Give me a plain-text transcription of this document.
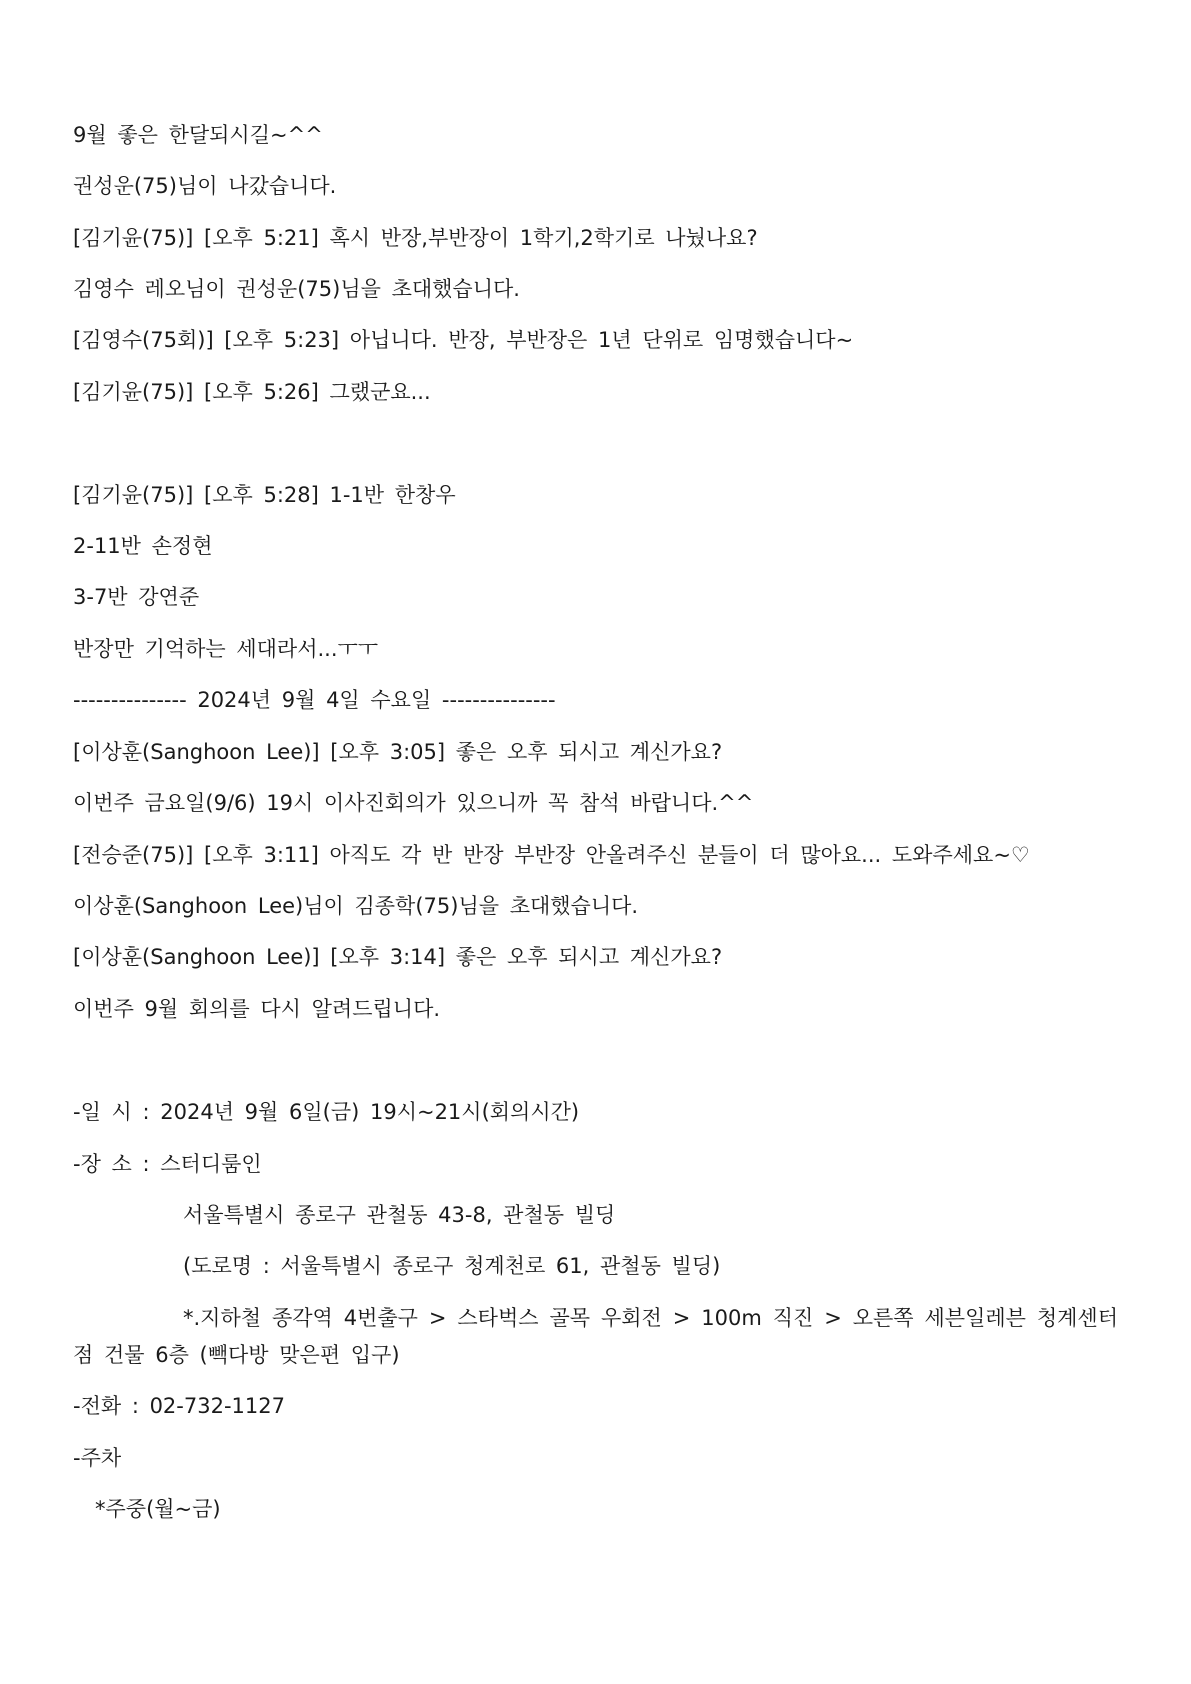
9월 좋은 한달되시길~^^
권성운(75)님이 나갔습니다.
[김기윤(75)] [오후 5:21] 혹시 반장,부반장이 1학기,2학기로 나눴나요?
김영수 레오님이 권성운(75)님을 초대했습니다.
[김영수(75회)] [오후 5:23] 아닙니다. 반장, 부반장은 1년 단위로 임명했습니다~
[김기윤(75)] [오후 5:26] 그랬군요...
[김기윤(75)] [오후 5:28] 1-1반 한창우
2-11반 손정현
3-7반 강연준
반장만 기억하는 세대라서...ㅜㅜ
--------------- 2024년 9월 4일 수요일 ---------------
[이상훈(Sanghoon Lee)] [오후 3:05] 좋은 오후 되시고 계신가요?
이번주 금요일(9/6) 19시 이사진회의가 있으니까 꼭 참석 바랍니다.^^
[전승준(75)] [오후 3:11] 아직도 각 반 반장 부반장 안올려주신 분들이 더 많아요... 도와주세요~♡
이상훈(Sanghoon Lee)님이 김종학(75)님을 초대했습니다.
[이상훈(Sanghoon Lee)] [오후 3:14] 좋은 오후 되시고 계신가요?
이번주 9월 회의를 다시 알려드립니다.
-일 시 : 2024년 9월 6일(금) 19시~21시(회의시간)
-장 소 : 스터디룸인
서울특별시 종로구 관철동 43-8, 관철동 빌딩
(도로명 : 서울특별시 종로구 청계천로 61, 관철동 빌딩)
*.지하철 종각역 4번출구 > 스타벅스 골목 우회전 > 100m 직진 > 오른쪽 세븐일레븐 청계센터점 건물 6층 (빽다방 맞은편 입구)
-전화 : 02-732-1127
-주차
*주중(월~금)
